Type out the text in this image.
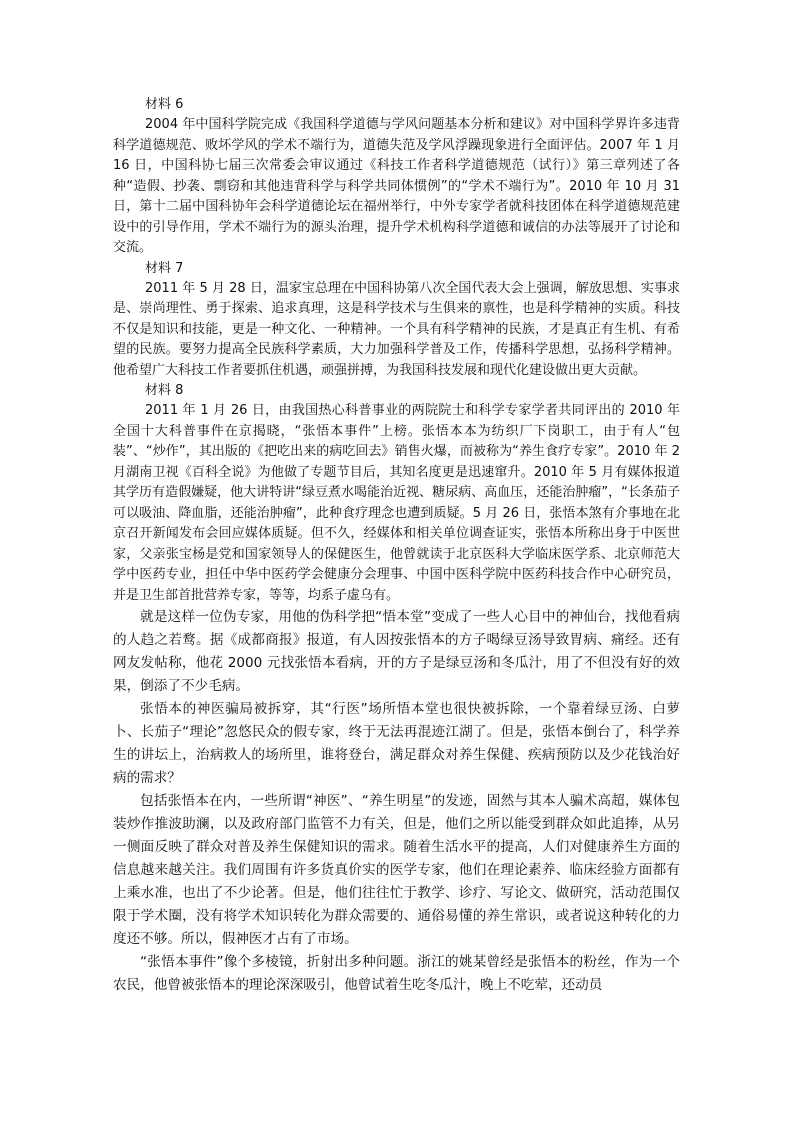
材料 6

2004 年中国科学院完成《我国科学道德与学风问题基本分析和建议》对中国科学界许多违背科学道德规范、败坏学风的学术不端行为，道德失范及学风浮躁现象进行全面评估。2007 年 1 月 16 日，中国科协七届三次常委会审议通过《科技工作者科学道德规范（试行）》第三章列述了各种“造假、抄袭、剽窃和其他违背科学与科学共同体惯例”的“学术不端行为”。2010 年 10 月 31 日，第十二届中国科协年会科学道德论坛在福州举行，中外专家学者就科技团体在科学道德规范建设中的引导作用，学术不端行为的源头治理，提升学术机构科学道德和诚信的办法等展开了讨论和交流。

材料 7

2011 年 5 月 28 日，温家宝总理在中国科协第八次全国代表大会上强调，解放思想、实事求是、崇尚理性、勇于探索、追求真理，这是科学技术与生俱来的禀性，也是科学精神的实质。科技不仅是知识和技能，更是一种文化、一种精神。一个具有科学精神的民族，才是真正有生机、有希望的民族。要努力提高全民族科学素质，大力加强科学普及工作，传播科学思想，弘扬科学精神。他希望广大科技工作者要抓住机遇，顽强拼搏，为我国科技发展和现代化建设做出更大贡献。

材料 8

2011 年 1 月 26 日，由我国热心科普事业的两院院士和科学专家学者共同评出的 2010 年全国十大科普事件在京揭晓，“张悟本事件”上榜。张悟本本为纺织厂下岗职工，由于有人“包装”、“炒作”，其出版的《把吃出来的病吃回去》销售火爆，而被称为“养生食疗专家”。2010 年 2 月湖南卫视《百科全说》为他做了专题节目后，其知名度更是迅速窜升。2010 年 5 月有媒体报道其学历有造假嫌疑，他大讲特讲“绿豆煮水喝能治近视、糖尿病、高血压，还能治肿瘤”，“长条茄子可以吸油、降血脂，还能治肿瘤”，此种食疗理念也遭到质疑。5 月 26 日，张悟本煞有介事地在北京召开新闻发布会回应媒体质疑。但不久，经媒体和相关单位调查证实，张悟本所称出身于中医世家，父亲张宝杨是党和国家领导人的保健医生，他曾就读于北京医科大学临床医学系、北京师范大学中医药专业，担任中华中医药学会健康分会理事、中国中医科学院中医药科技合作中心研究员，并是卫生部首批营养专家，等等，均系子虚乌有。

就是这样一位伪专家，用他的伪科学把“悟本堂”变成了一些人心目中的神仙台，找他看病的人趋之若鹜。据《成都商报》报道，有人因按张悟本的方子喝绿豆汤导致胃病、痛经。还有网友发帖称，他花 2000 元找张悟本看病，开的方子是绿豆汤和冬瓜汁，用了不但没有好的效果，倒添了不少毛病。

张悟本的神医骗局被拆穿，其“行医”场所悟本堂也很快被拆除，一个靠着绿豆汤、白萝卜、长茄子“理论”忽悠民众的假专家，终于无法再混迹江湖了。但是，张悟本倒台了，科学养生的讲坛上，治病救人的场所里，谁将登台，满足群众对养生保健、疾病预防以及少花钱治好病的需求？

包括张悟本在内，一些所谓“神医”、“养生明星”的发迹，固然与其本人骗术高超，媒体包装炒作推波助澜，以及政府部门监管不力有关，但是，他们之所以能受到群众如此追捧，从另一侧面反映了群众对普及养生保健知识的需求。随着生活水平的提高，人们对健康养生方面的信息越来越关注。我们周围有许多货真价实的医学专家，他们在理论素养、临床经验方面都有上乘水准，也出了不少论著。但是，他们往往忙于教学、诊疗、写论文、做研究，活动范围仅限于学术圈，没有将学术知识转化为群众需要的、通俗易懂的养生常识，或者说这种转化的力度还不够。所以，假神医才占有了市场。

“张悟本事件”像个多棱镜，折射出多种问题。浙江的姚某曾经是张悟本的粉丝，作为一个农民，他曾被张悟本的理论深深吸引，他曾试着生吃冬瓜汁，晚上不吃荤，还动员
